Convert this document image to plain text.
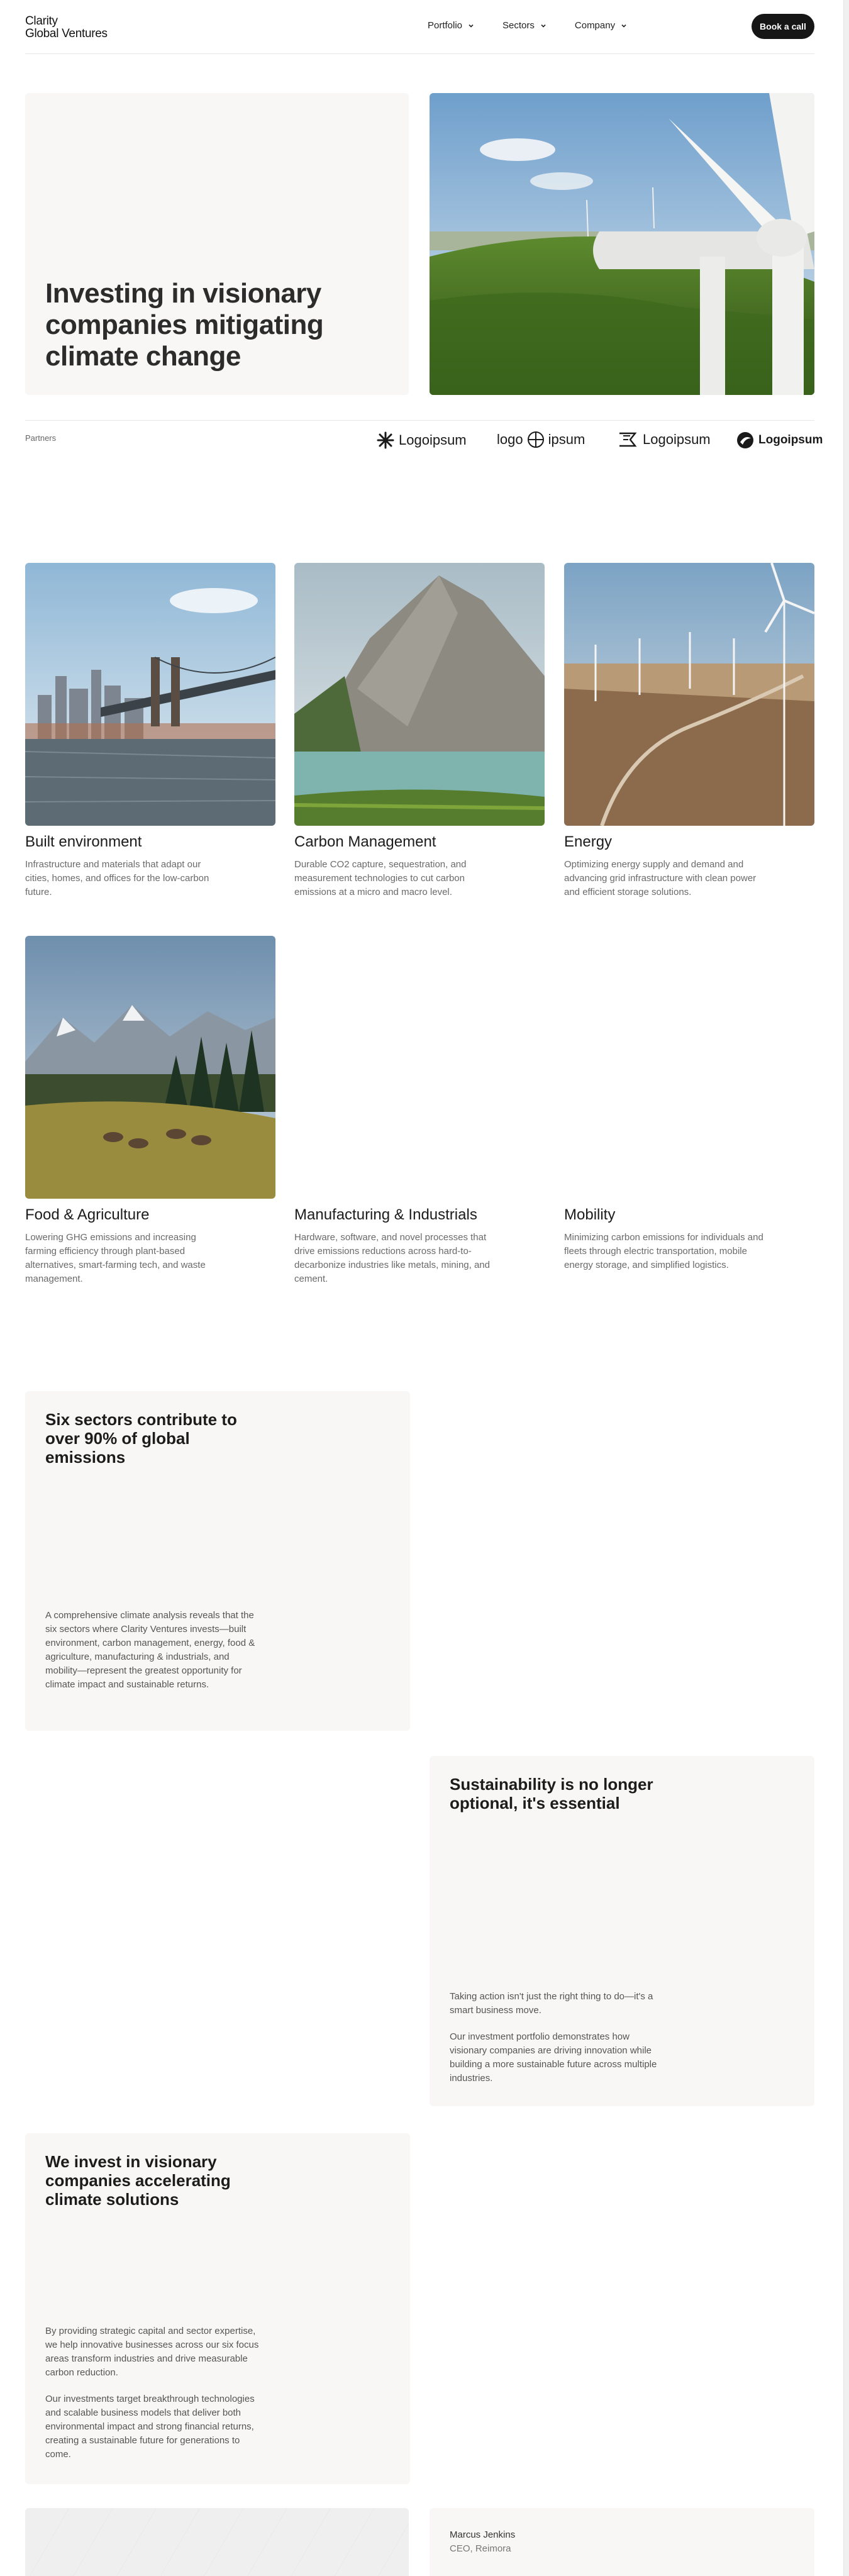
Clarity
Global Ventures
Portfolio	Sectors	Company	Book a call
Investing in visionary companies mitigating climate change
Partners	Logoipsum logo ipsum	Logoipsum	Logoipsum
Built environment
Infrastructure and materials that adapt our cities, homes, and offices for the low-carbon future.
Carbon Management
Durable CO2 capture, sequestration, and measurement technologies to cut carbon emissions at a micro and macro level.
Energy
Optimizing energy supply and demand and advancing grid infrastructure with clean power and efficient storage solutions.
Food & Agriculture
Lowering GHG emissions and increasing farming efficiency through plant-based alternatives, smart-farming tech, and waste management.
Manufacturing & Industrials
Hardware, software, and novel processes that drive emissions reductions across hard-to-decarbonize industries like metals, mining, and cement.
Mobility
Minimizing carbon emissions for individuals and fleets through electric transportation, mobile energy storage, and simplified logistics.
Six sectors contribute to over 90% of global emissions

A comprehensive climate analysis reveals that the six sectors where Clarity Ventures invests—built environment, carbon management, energy, food & agriculture, manufacturing & industrials, and mobility—represent the greatest opportunity for climate impact and sustainable returns.

Sustainability is no longer optional, it's essential

Taking action isn't just the right thing to do—it's a smart business move.

Our investment portfolio demonstrates how visionary companies are driving innovation while building a more sustainable future across multiple industries.

We invest in visionary companies accelerating climate solutions

By providing strategic capital and sector expertise, we help innovative businesses across our six focus areas transform industries and drive measurable carbon reduction.

Our investments target breakthrough technologies and scalable business models that deliver both environmental impact and strong financial returns, creating a sustainable future for generations to come.

Marcus Jenkins
CEO, Reimora
